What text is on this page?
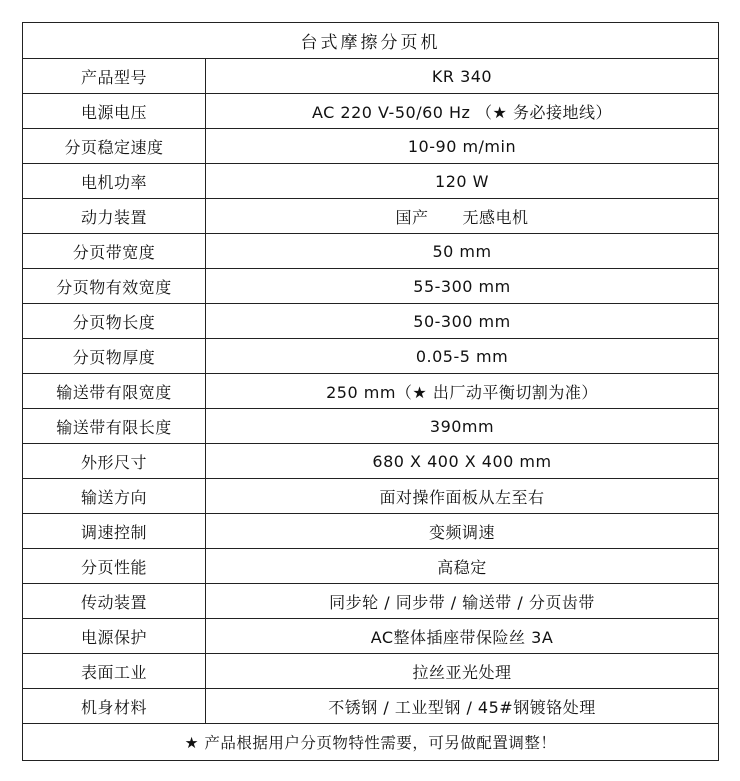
台式摩擦分页机	
产品型号	KR 340
电源电压	AC 220 V-50/60 Hz （★ 务必接地线）
分页稳定速度	10-90 m/min
电机功率	120 W
动力装置	国产 无感电机
分页带宽度	50 mm
分页物有效宽度	55-300 mm
分页物长度	50-300 mm
分页物厚度	0.05-5 mm
输送带有限宽度	250 mm（★ 出厂动平衡切割为准）
输送带有限长度	390mm
外形尺寸	680 X 400 X 400 mm
输送方向	面对操作面板从左至右
调速控制	变频调速
分页性能	高稳定
传动装置	同步轮 / 同步带 / 输送带 / 分页齿带
电源保护	AC整体插座带保险丝 3A
表面工业	拉丝亚光处理
机身材料	不锈钢 / 工业型钢 / 45#钢镀铬处理
★ 产品根据用户分页物特性需要，可另做配置调整！	
